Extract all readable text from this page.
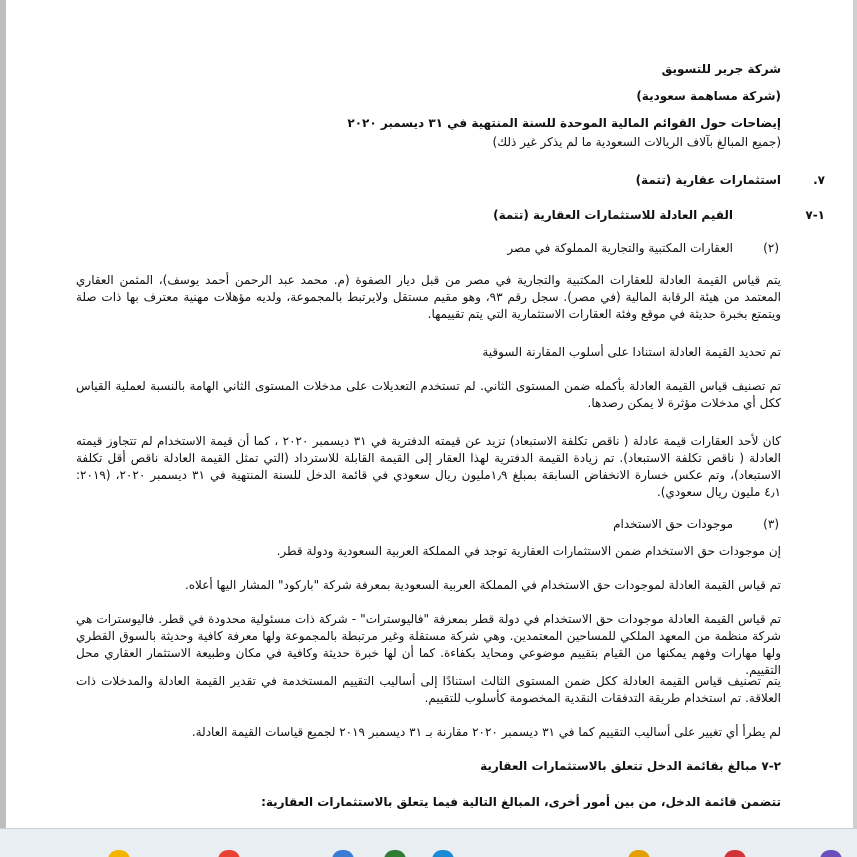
شركة جرير للتسويق
(شركة مساهمة سعودية)
إيضاحات حول القوائم المالية الموحدة للسنة المنتهية في ٣١ ديسمبر ٢٠٢٠
(جميع المبالغ بآلاف الريالات السعودية ما لم يذكر غير ذلك)
٧.
استثمارات عقارية (تتمة)
١-٧
القيم العادلة للاستثمارات العقارية (تتمة)
(٢)
العقارات المكتبية والتجارية المملوكة في مصر
يتم قياس القيمة العادلة للعقارات المكتبية والتجارية في مصر من قبل ديار الصفوة (م. محمد عبد الرحمن أحمد يوسف)، المثمن العقاري المعتمد من هيئة الرقابة المالية (في مصر). سجل رقم ٩٣، وهو مقيم مستقل ولايرتبط بالمجموعة، ولديه مؤهلات مهنية معترف بها ذات صلة ويتمتع بخبرة حديثة في موقع وفئة العقارات الاستثمارية التي يتم تقييمها.
تم تحديد القيمة العادلة استنادا على أسلوب المقارنة السوقية
تم تصنيف قياس القيمة العادلة بأكمله ضمن المستوى الثاني. لم تستخدم التعديلات على مدخلات المستوى الثاني الهامة بالنسبة لعملية القياس ككل أي مدخلات مؤثرة لا يمكن رصدها.
كان لأحد العقارات قيمة عادلة ( ناقص تكلفة الاستبعاد) تزيد عن قيمته الدفترية في ٣١ ديسمبر ٢٠٢٠ ، كما أن قيمة الاستخدام لم تتجاوز قيمته العادلة ( ناقص تكلفة الاستبعاد). تم زيادة القيمة الدفترية لهذا العقار إلى القيمة القابلة للاسترداد (التي تمثل القيمة العادلة ناقص أقل تكلفة الاستبعاد)، وتم عكس خسارة الانخفاض السابقة بمبلغ ١٫٩مليون ريال سعودي في قائمة الدخل للسنة المنتهية في ٣١ ديسمبر ٢٠٢٠، (٢٠١٩: ٤٫١ مليون ريال سعودي).
(٣)
موجودات حق الاستخدام
إن موجودات حق الاستخدام ضمن الاستثمارات العقارية توجد في المملكة العربية السعودية ودولة قطر.
تم قياس القيمة العادلة لموجودات حق الاستخدام في المملكة العربية السعودية بمعرفة شركة "باركود" المشار اليها أعلاه.
تم قياس القيمة العادلة موجودات حق الاستخدام في دولة قطر بمعرفة "فاليوسترات" - شركة ذات مسئولية محدودة في قطر. فاليوسترات هي شركة منظمة من المعهد الملكي للمساحين المعتمدين. وهي شركة مستقلة وغير مرتبطة بالمجموعة ولها معرفة كافية وحديثة بالسوق القطري ولها مهارات وفهم يمكنها من القيام بتقييم موضوعي ومحايد بكفاءة. كما أن لها خبرة حديثة وكافية في مكان وطبيعة الاستثمار العقاري محل التقييم.
يتم تصنيف قياس القيمة العادلة ككل ضمن المستوى الثالث استنادًا إلى أساليب التقييم المستخدمة في تقدير القيمة العادلة والمدخلات ذات العلاقة. تم استخدام طريقة التدفقات النقدية المخصومة كأسلوب للتقييم.
لم يطرأ أي تغيير على أساليب التقييم كما في ٣١ ديسمبر ٢٠٢٠ مقارنة بـ ٣١ ديسمبر ٢٠١٩ لجميع قياسات القيمة العادلة.
٢-٧ مبالغ بقائمة الدخل تتعلق بالاستثمارات العقارية
تتضمن قائمة الدخل، من بين أمور أخرى، المبالغ التالية فيما يتعلق بالاستثمارات العقارية:
